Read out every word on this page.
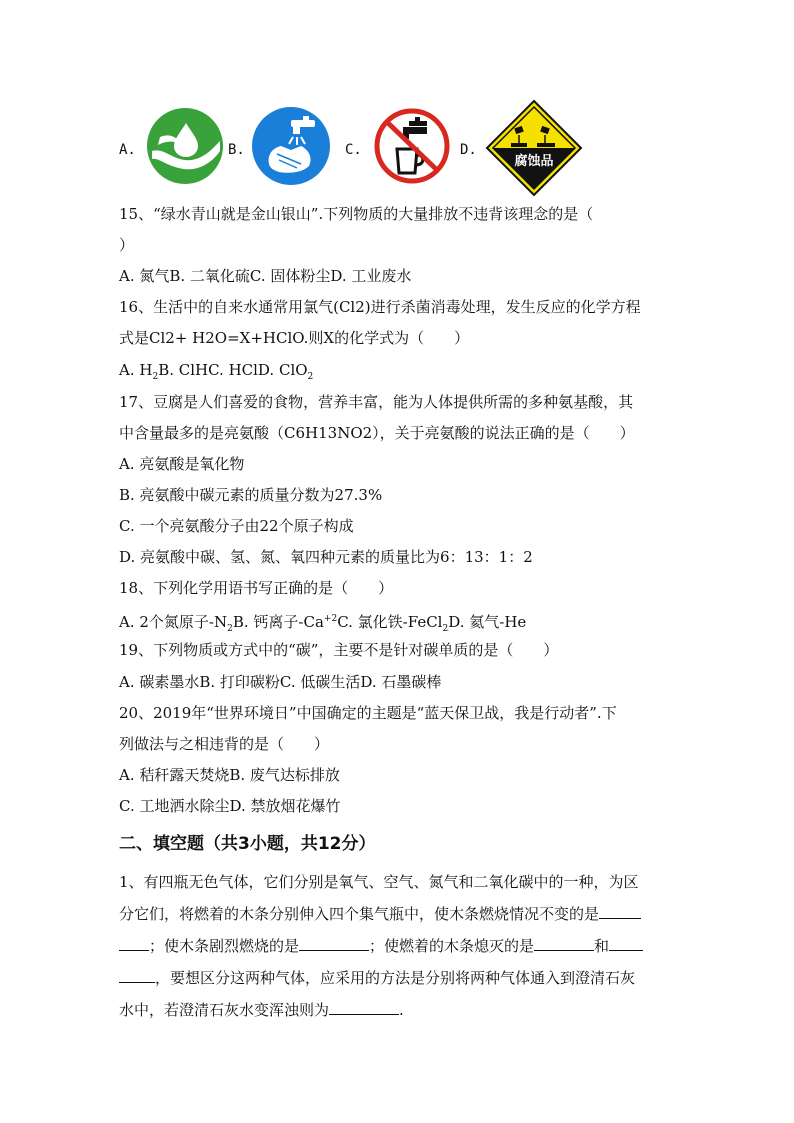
A.	B.	C.	D.
腐蚀品
15、“绿水青山就是金山银山”.下列物质的大量排放不违背该理念的是（
）
A. 氮气B. 二氧化硫C. 固体粉尘D. 工业废水
16、生活中的自来水通常用氯气(Cl2)进行杀菌消毒处理，发生反应的化学方程
式是Cl2+ H2O=X+HClO.则X的化学式为（　　）
A. $H_2B$. ClHC. HClD. ClO$_2$
17、豆腐是人们喜爱的食物，营养丰富，能为人体提供所需的多种氨基酸，其
中含量最多的是亮氨酸（C6H13NO2），关于亮氨酸的说法正确的是（　　）
A. 亮氨酸是氧化物
B. 亮氨酸中碳元素的质量分数为27.3%
C. 一个亮氨酸分子由22个原子构成
D. 亮氨酸中碳、氢、氮、氧四种元素的质量比为6：13：1：2
18、下列化学用语书写正确的是（　　）
A. 2个氮原子$-N_2B$. 钙离子$-Ca^{+2}C$. 氯化铁-FeCl$_2$D. 氦气-He
19、下列物质或方式中的“碳”，主要不是针对碳单质的是（　　）
A. 碳素墨水B. 打印碳粉C. 低碳生活D. 石墨碳棒
20、2019年“世界环境日”中国确定的主题是“蓝天保卫战，我是行动者”.下
列做法与之相违背的是（　　）
A. 秸秆露天焚烧B. 废气达标排放
C. 工地洒水除尘D. 禁放烟花爆竹
二、填空题（共3小题，共12分）
1、有四瓶无色气体，它们分别是氧气、空气、氮气和二氧化碳中的一种，为区
分它们，将燃着的木条分别伸入四个集气瓶中，使木条燃烧情况不变的是
；使木条剧烈燃烧的是	；使燃着的木条熄灭的是	和
，要想区分这两种气体，应采用的方法是分别将两种气体通入到澄清石灰
水中，若澄清石灰水变浑浊则为	.
